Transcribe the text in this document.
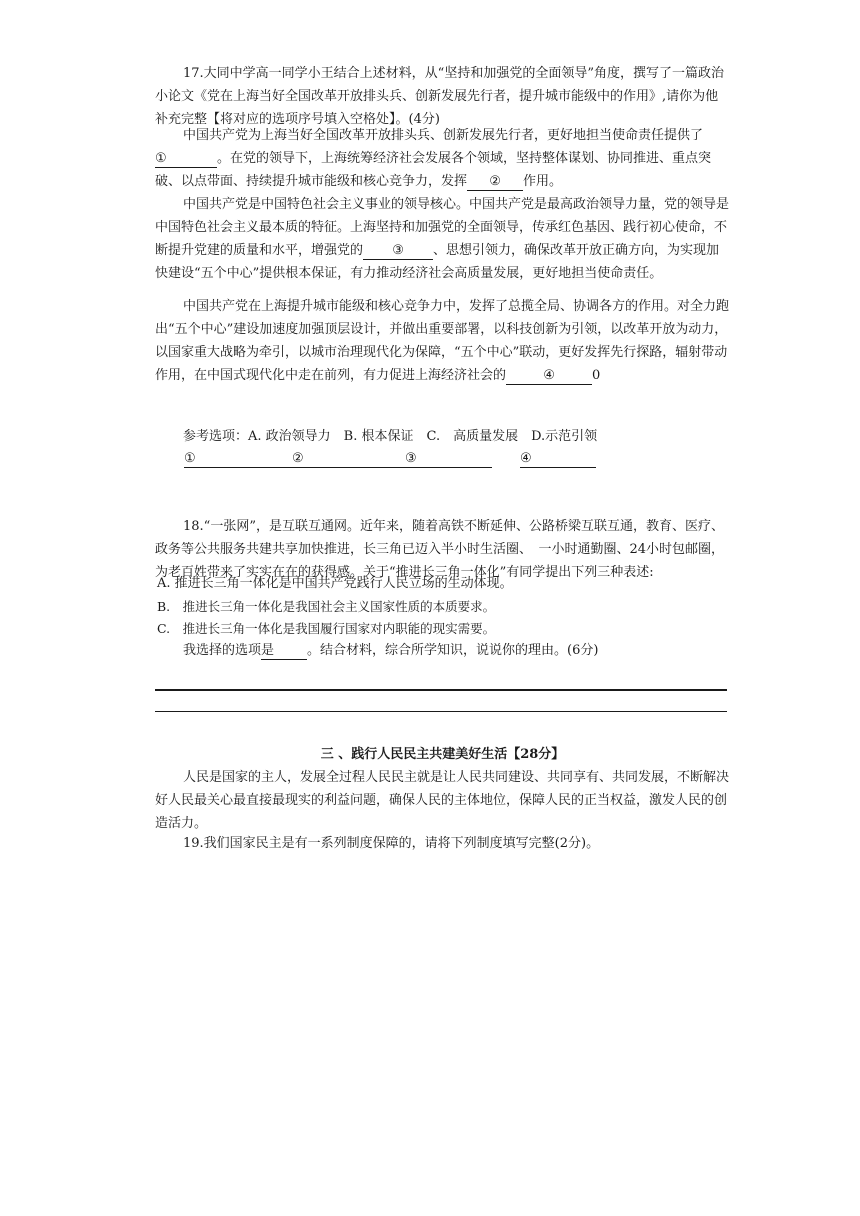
17.大同中学高一同学小王结合上述材料，从“坚持和加强党的全面领导”角度，撰写了一篇政治小论文《党在上海当好全国改革开放排头兵、创新发展先行者，提升城市能级中的作用》,请你为他补充完整【将对应的选项序号填入空格处】。(4分)

中国共产党为上海当好全国改革开放排头兵、创新发展先行者，更好地担当使命责任提供了①	。在党的领导下，上海统筹经济社会发展各个领域，坚持整体谋划、协同推进、重点突破、以点带面、持续提升城市能级和核心竞争力，发挥 ② 作用。

中国共产党是中国特色社会主义事业的领导核心。中国共产党是最高政治领导力量，党的领导是中国特色社会主义最本质的特征。上海坚持和加强党的全面领导，传承红色基因、践行初心使命，不断提升党建的质量和水平，增强党的 ③ 、思想引领力，确保改革开放正确方向，为实现加快建设“五个中心”提供根本保证，有力推动经济社会高质量发展，更好地担当使命责任。

中国共产党在上海提升城市能级和核心竞争力中，发挥了总揽全局、协调各方的作用。对全力跑出“五个中心”建设加速度加强顶层设计，并做出重要部署，以科技创新为引领，以改革开放为动力，以国家重大战略为牵引，以城市治理现代化为保障，“五个中心”联动，更好发挥先行探路，辐射带动作用，在中国式现代化中走在前列，有力促进上海经济社会的	④	0

参考选项：A. 政治领导力　B. 根本保证　C.　高质量发展　D.示范引领

①	②	③	④

18.“一张网”，是互联互通网。近年来，随着高铁不断延伸、公路桥梁互联互通，教育、医疗、政务等公共服务共建共享加快推进，长三角已迈入半小时生活圈、　一小时通勤圈、24小时包邮圈，为老百姓带来了实实在在的获得感。关于“推进长三角一体化”有同学提出下列三种表述:

A. 推进长三角一体化是中国共产党践行人民立场的生动体现。

B.　推进长三角一体化是我国社会主义国家性质的本质要求。

C.　推进长三角一体化是我国履行国家对内职能的现实需要。

我选择的选项是	。结合材料，综合所学知识，说说你的理由。(6分)

三 、践行人民民主共建美好生活【28分】

人民是国家的主人，发展全过程人民民主就是让人民共同建设、共同享有、共同发展，不断解决好人民最关心最直接最现实的利益问题，确保人民的主体地位，保障人民的正当权益，激发人民的创造活力。

19.我们国家民主是有一系列制度保障的，请将下列制度填写完整(2分)。
